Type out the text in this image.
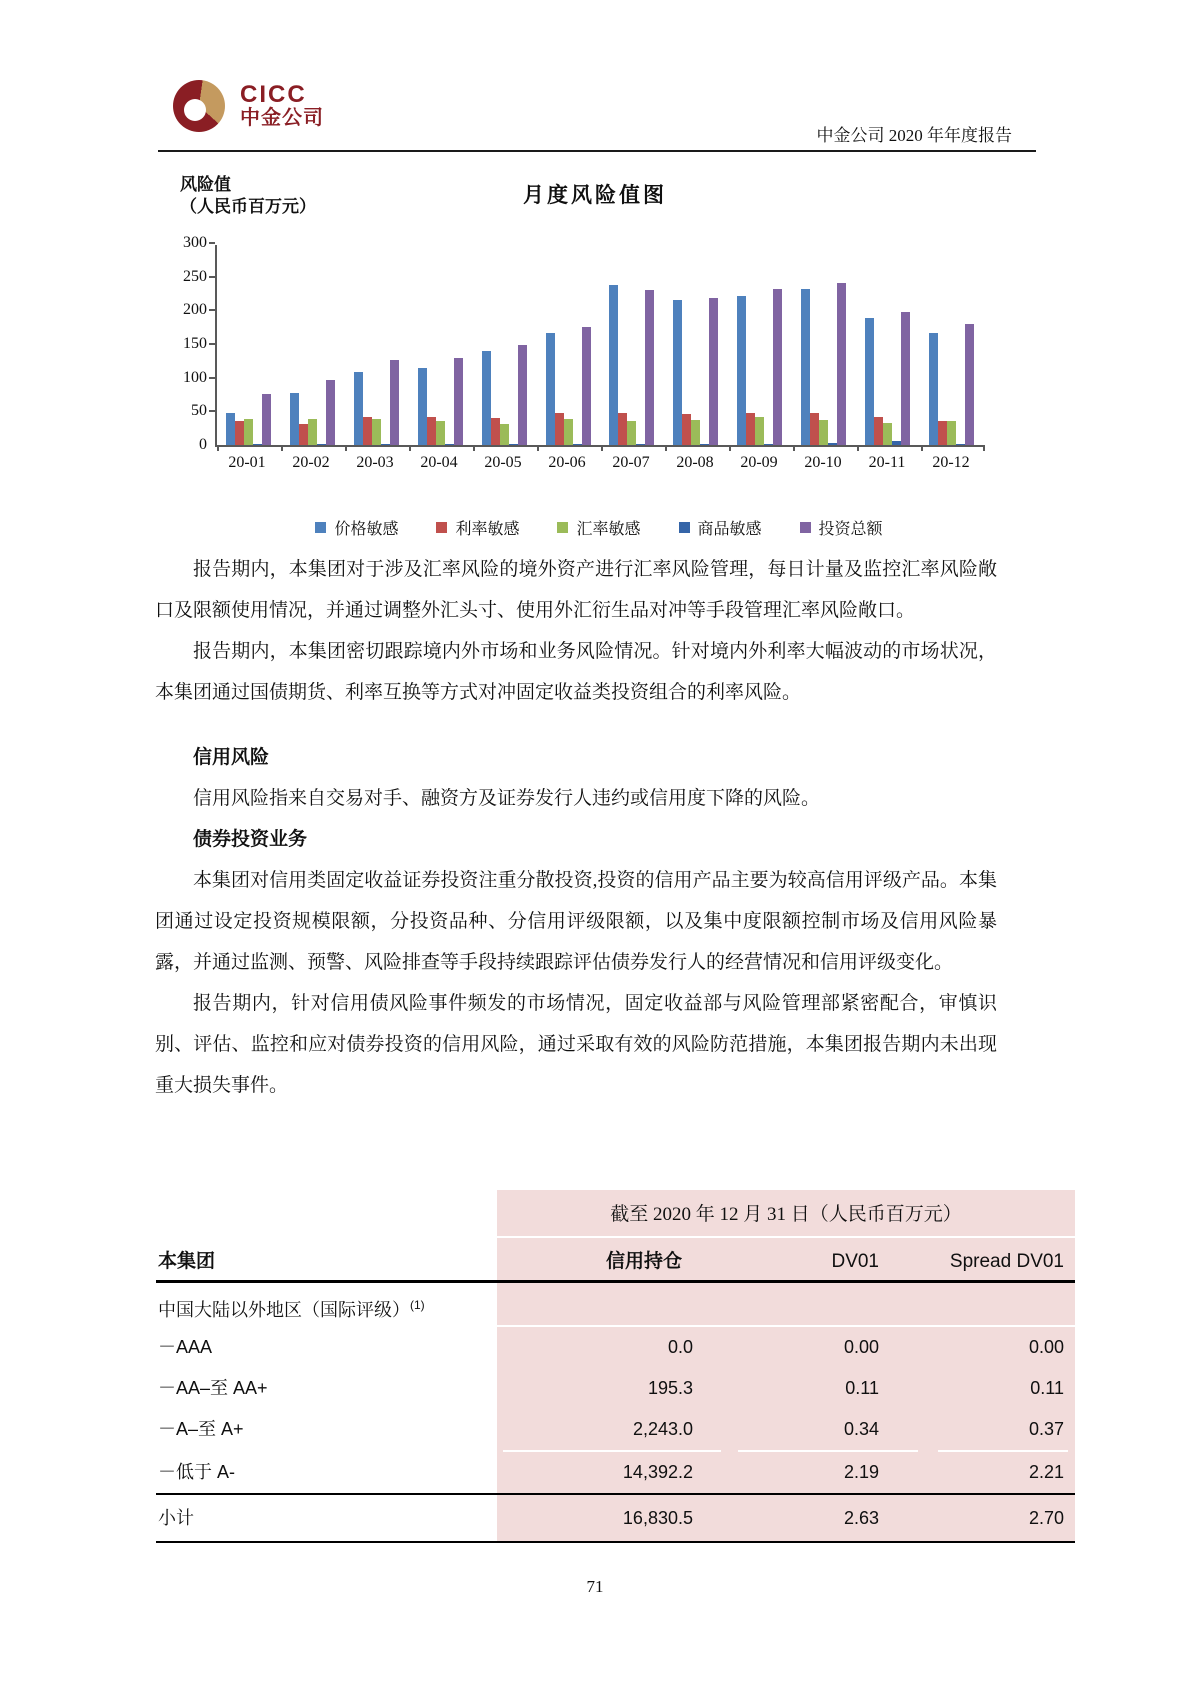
CICC
中金公司
中金公司 2020 年年度报告
风险值
（人民币百万元）	月度风险值图
0
50
100
150
200
250
300
20-01	20-02	20-03	20-04	20-05	20-06	20-07	20-08	20-09	20-10	20-11	20-12
价格敏感	利率敏感	汇率敏感	商品敏感	投资总额
报告期内，本集团对于涉及汇率风险的境外资产进行汇率风险管理，每日计量及监控汇率风险敞口及限额使用情况，并通过调整外汇头寸、使用外汇衍生品对冲等手段管理汇率风险敞口。
报告期内，本集团密切跟踪境内外市场和业务风险情况。针对境内外利率大幅波动的市场状况，本集团通过国债期货、利率互换等方式对冲固定收益类投资组合的利率风险。
信用风险
信用风险指来自交易对手、融资方及证券发行人违约或信用度下降的风险。
债券投资业务
本集团对信用类固定收益证券投资注重分散投资,投资的信用产品主要为较高信用评级产品。本集团通过设定投资规模限额，分投资品种、分信用评级限额，以及集中度限额控制市场及信用风险暴露，并通过监测、预警、风险排查等手段持续跟踪评估债券发行人的经营情况和信用评级变化。
报告期内，针对信用债风险事件频发的市场情况，固定收益部与风险管理部紧密配合，审慎识别、评估、监控和应对债券投资的信用风险，通过采取有效的风险防范措施，本集团报告期内未出现重大损失事件。
截至 2020 年 12 月 31 日（人民币百万元）
本集团	信用持仓	DV01	Spread DV01
中国大陆以外地区（国际评级）$^{(1)}$
－AAA	0.0	0.00	0.00
－AA–至 AA+	195.3	0.11	0.11
－A–至 A+	2,243.0	0.34	0.37
－低于 A-	14,392.2	2.19	2.21
小计	16,830.5	2.63	2.70
71
